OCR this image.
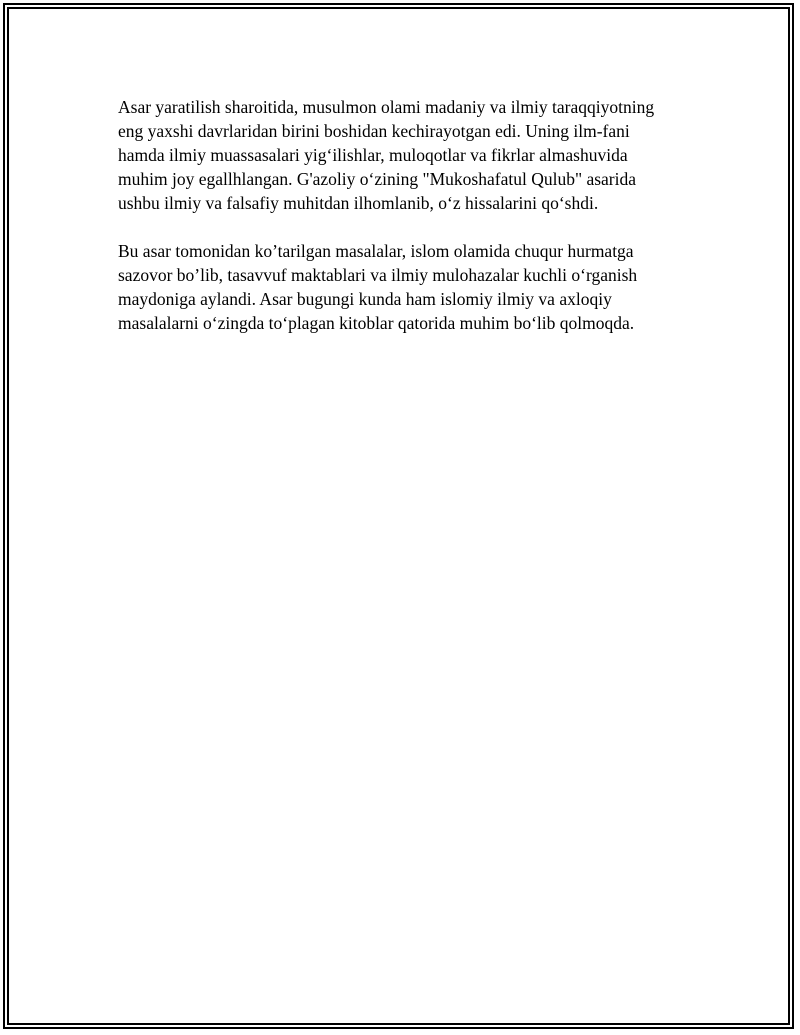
Asar yaratilish sharoitida, musulmon olami madaniy va ilmiy taraqqiyotning
eng yaxshi davrlaridan birini boshidan kechirayotgan edi. Uning ilm-fani
hamda ilmiy muassasalari yig‘ilishlar, muloqotlar va fikrlar almashuvida
muhim joy egallhlangan. G'azoliy o‘zining "Mukoshafatul Qulub" asarida
ushbu ilmiy va falsafiy muhitdan ilhomlanib, o‘z hissalarini qo‘shdi.

Bu asar tomonidan ko’tarilgan masalalar, islom olamida chuqur hurmatga
sazovor bo’lib, tasavvuf maktablari va ilmiy mulohazalar kuchli o‘rganish
maydoniga aylandi. Asar bugungi kunda ham islomiy ilmiy va axloqiy
masalalarni o‘zingda to‘plagan kitoblar qatorida muhim bo‘lib qolmoqda.
